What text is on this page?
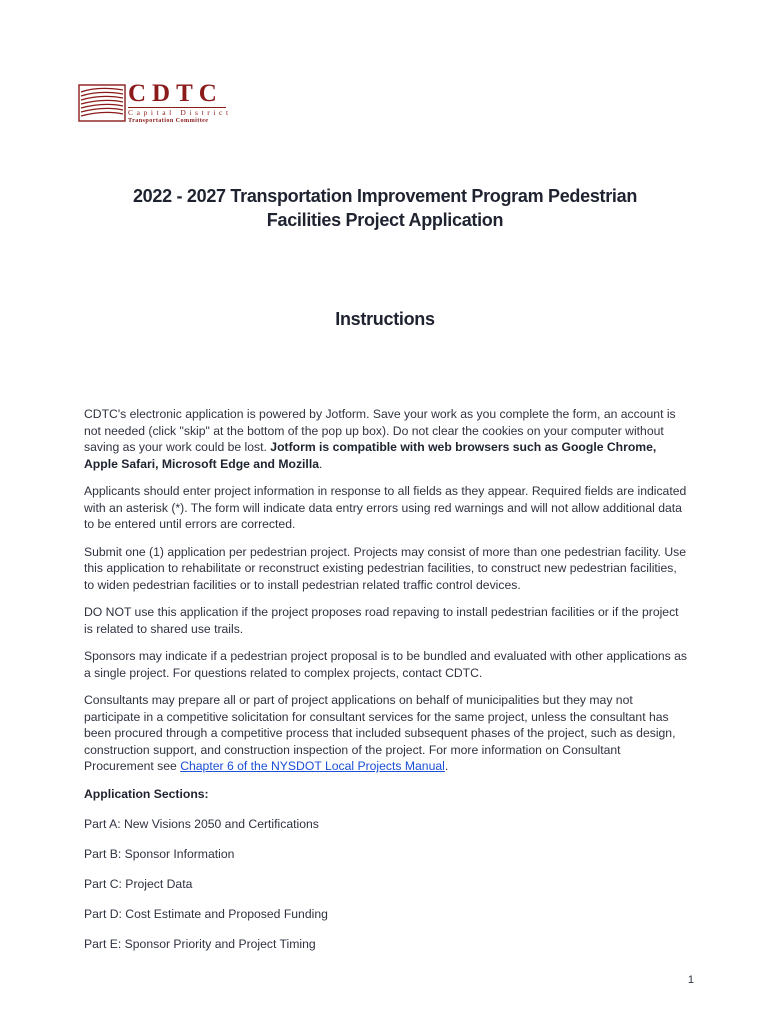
CDTC
Capital District
Transportation Committee
2022 - 2027 Transportation Improvement Program Pedestrian
Facilities Project Application
Instructions

CDTC's electronic application is powered by Jotform. Save your work as you complete the form, an account is not needed (click "skip" at the bottom of the pop up box). Do not clear the cookies on your computer without saving as your work could be lost. Jotform is compatible with web browsers such as Google Chrome, Apple Safari, Microsoft Edge and Mozilla.

Applicants should enter project information in response to all fields as they appear. Required fields are indicated with an asterisk (*). The form will indicate data entry errors using red warnings and will not allow additional data to be entered until errors are corrected.

Submit one (1) application per pedestrian project. Projects may consist of more than one pedestrian facility. Use this application to rehabilitate or reconstruct existing pedestrian facilities, to construct new pedestrian facilities, to widen pedestrian facilities or to install pedestrian related traffic control devices.

DO NOT use this application if the project proposes road repaving to install pedestrian facilities or if the project is related to shared use trails.

Sponsors may indicate if a pedestrian project proposal is to be bundled and evaluated with other applications as a single project. For questions related to complex projects, contact CDTC.

Consultants may prepare all or part of project applications on behalf of municipalities but they may not participate in a competitive solicitation for consultant services for the same project, unless the consultant has been procured through a competitive process that included subsequent phases of the project, such as design, construction support, and construction inspection of the project. For more information on Consultant Procurement see Chapter 6 of the NYSDOT Local Projects Manual.

Application Sections:

Part A: New Visions 2050 and Certifications

Part B: Sponsor Information

Part C: Project Data

Part D: Cost Estimate and Proposed Funding

Part E: Sponsor Priority and Project Timing

1
